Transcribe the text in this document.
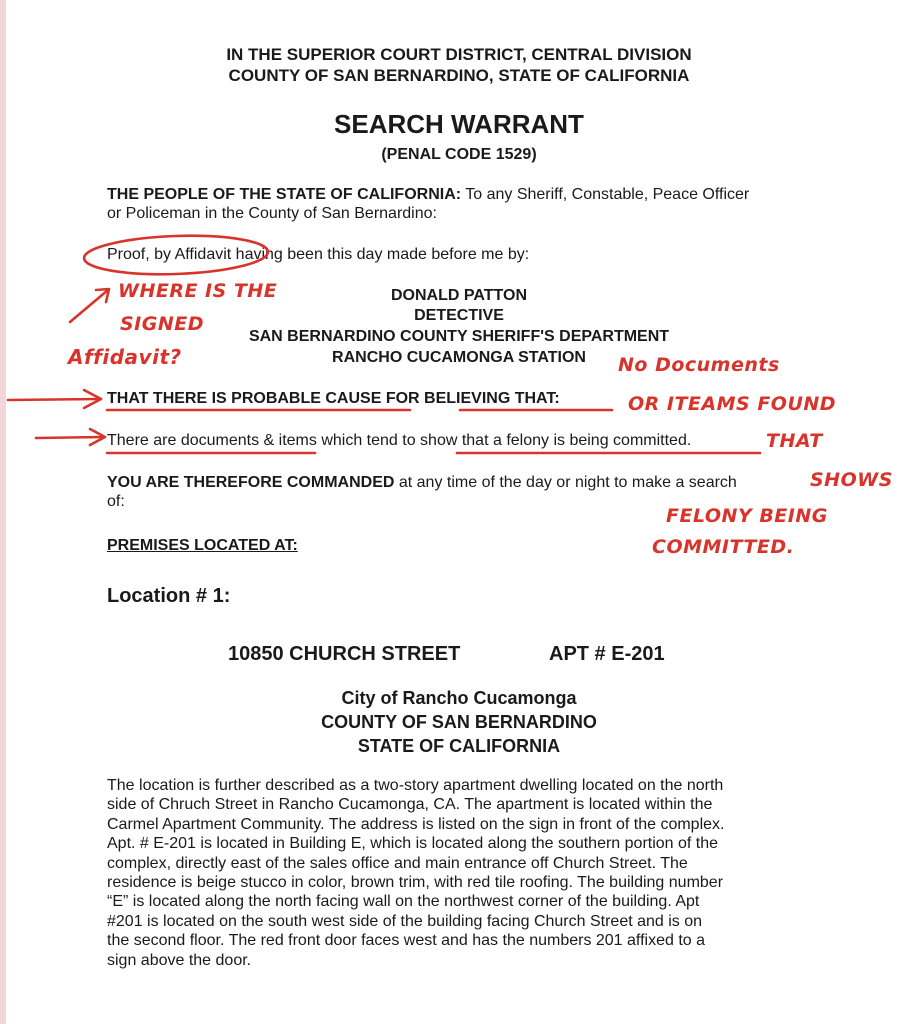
IN THE SUPERIOR COURT DISTRICT, CENTRAL DIVISION
COUNTY OF SAN BERNARDINO, STATE OF CALIFORNIA
SEARCH WARRANT
(PENAL CODE 1529)
THE PEOPLE OF THE STATE OF CALIFORNIA: To any Sheriff, Constable, Peace Officer
or Policeman in the County of San Bernardino:
Proof, by Affidavit having been this day made before me by:
DONALD PATTON
DETECTIVE
SAN BERNARDINO COUNTY SHERIFF'S DEPARTMENT
RANCHO CUCAMONGA STATION
THAT THERE IS PROBABLE CAUSE FOR BELIEVING THAT:
There are documents & items which tend to show that a felony is being committed.
YOU ARE THEREFORE COMMANDED at any time of the day or night to make a search
of:
PREMISES LOCATED AT:
Location # 1:
10850 CHURCH STREET	APT # E-201
City of Rancho Cucamonga
COUNTY OF SAN BERNARDINO
STATE OF CALIFORNIA

The location is further described as a two-story apartment dwelling located on the north

side of Chruch Street in Rancho Cucamonga, CA. The apartment is located within the

Carmel Apartment Community. The address is listed on the sign in front of the complex.

Apt. # E-201 is located in Building E, which is located along the southern portion of the

complex, directly east of the sales office and main entrance off Church Street. The

residence is beige stucco in color, brown trim, with red tile roofing. The building number

“E” is located along the north facing wall on the northwest corner of the building. Apt

#201 is located on the south west side of the building facing Church Street and is on

the second floor. The red front door faces west and has the numbers 201 affixed to a

sign above the door.

WHERE IS THE
SIGNED
Affidavit?	No Documents
OR ITEAMS FOUND
THAT
SHOWS
FELONY BEING
COMMITTED.
